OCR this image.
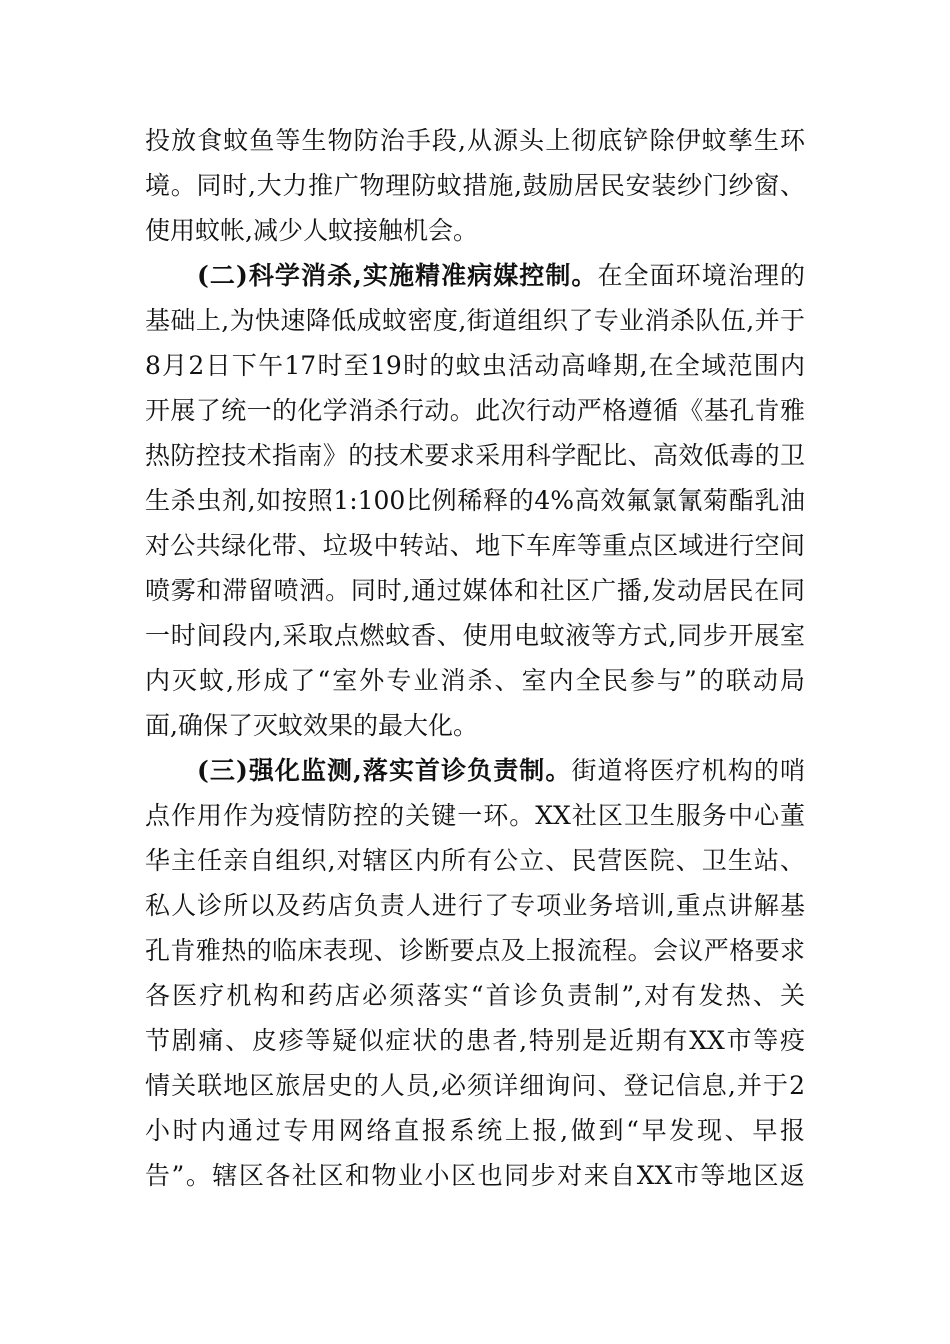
投放食蚊鱼等生物防治手段,从源头上彻底铲除伊蚊孳生环
境。同时,大力推广物理防蚊措施,鼓励居民安装纱门纱窗、
使用蚊帐,减少人蚊接触机会。
(二)科学消杀,实施精准病媒控制。在全面环境治理的
基础上,为快速降低成蚊密度,街道组织了专业消杀队伍,并于
8月2日下午17时至19时的蚊虫活动高峰期,在全域范围内
开展了统一的化学消杀行动。此次行动严格遵循《基孔肯雅
热防控技术指南》的技术要求采用科学配比、高效低毒的卫
生杀虫剂,如按照1:100比例稀释的4%高效氟氯氰菊酯乳油
对公共绿化带、垃圾中转站、地下车库等重点区域进行空间
喷雾和滞留喷洒。同时,通过媒体和社区广播,发动居民在同
一时间段内,采取点燃蚊香、使用电蚊液等方式,同步开展室
内灭蚊,形成了“室外专业消杀、室内全民参与”的联动局
面,确保了灭蚊效果的最大化。
(三)强化监测,落实首诊负责制。街道将医疗机构的哨
点作用作为疫情防控的关键一环。XX社区卫生服务中心董
华主任亲自组织,对辖区内所有公立、民营医院、卫生站、
私人诊所以及药店负责人进行了专项业务培训,重点讲解基
孔肯雅热的临床表现、诊断要点及上报流程。会议严格要求
各医疗机构和药店必须落实“首诊负责制”,对有发热、关
节剧痛、皮疹等疑似症状的患者,特别是近期有XX市等疫
情关联地区旅居史的人员,必须详细询问、登记信息,并于2
小时内通过专用网络直报系统上报,做到“早发现、早报
告”。辖区各社区和物业小区也同步对来自XX市等地区返
